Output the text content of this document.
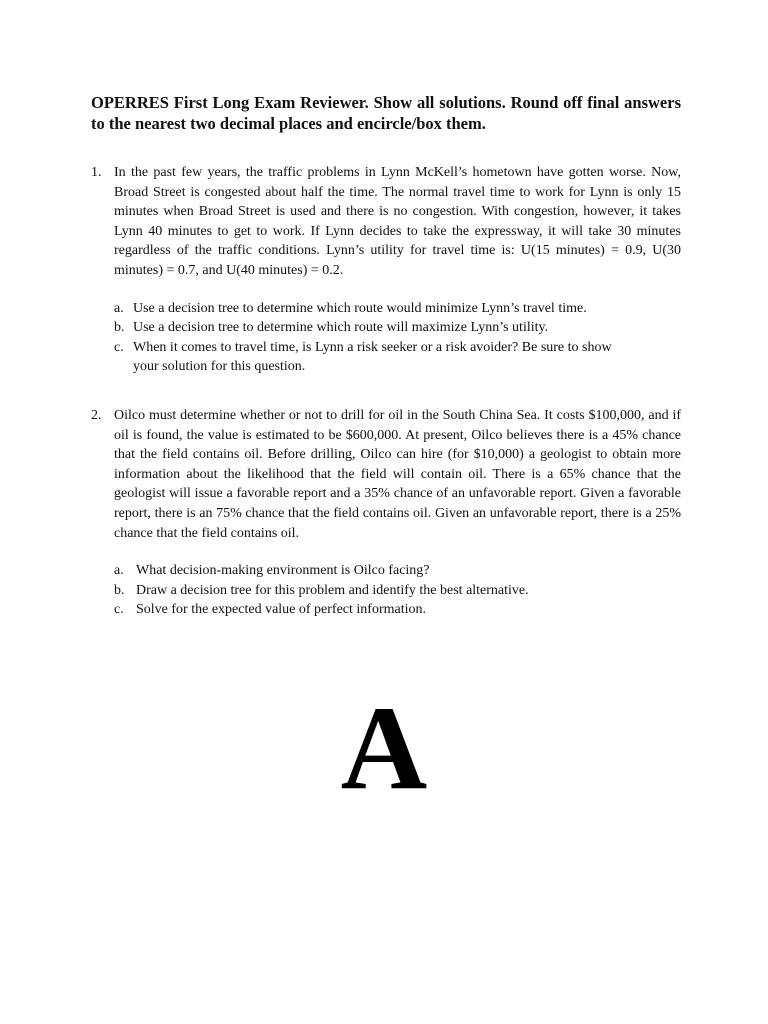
OPERRES First Long Exam Reviewer. Show all solutions. Round off final answers to the nearest two decimal places and encircle/box them.

1. In the past few years, the traffic problems in Lynn McKell’s hometown have gotten worse. Now, Broad Street is congested about half the time. The normal travel time to work for Lynn is only 15 minutes when Broad Street is used and there is no congestion. With congestion, however, it takes Lynn 40 minutes to get to work. If Lynn decides to take the expressway, it will take 30 minutes regardless of the traffic conditions. Lynn’s utility for travel time is: U(15 minutes) = 0.9, U(30 minutes) = 0.7, and U(40 minutes) = 0.2.

a. Use a decision tree to determine which route would minimize Lynn’s travel time.
b. Use a decision tree to determine which route will maximize Lynn’s utility.
c. When it comes to travel time, is Lynn a risk seeker or a risk avoider? Be sure to show your solution for this question.
2. Oilco must determine whether or not to drill for oil in the South China Sea. It costs $100,000, and if oil is found, the value is estimated to be $600,000. At present, Oilco believes there is a 45% chance that the field contains oil. Before drilling, Oilco can hire (for $10,000) a geologist to obtain more information about the likelihood that the field will contain oil. There is a 65% chance that the geologist will issue a favorable report and a 35% chance of an unfavorable report. Given a favorable report, there is an 75% chance that the field contains oil. Given an unfavorable report, there is a 25% chance that the field contains oil.

a. What decision-making environment is Oilco facing?
b. Draw a decision tree for this problem and identify the best alternative.
c. Solve for the expected value of perfect information.
A
